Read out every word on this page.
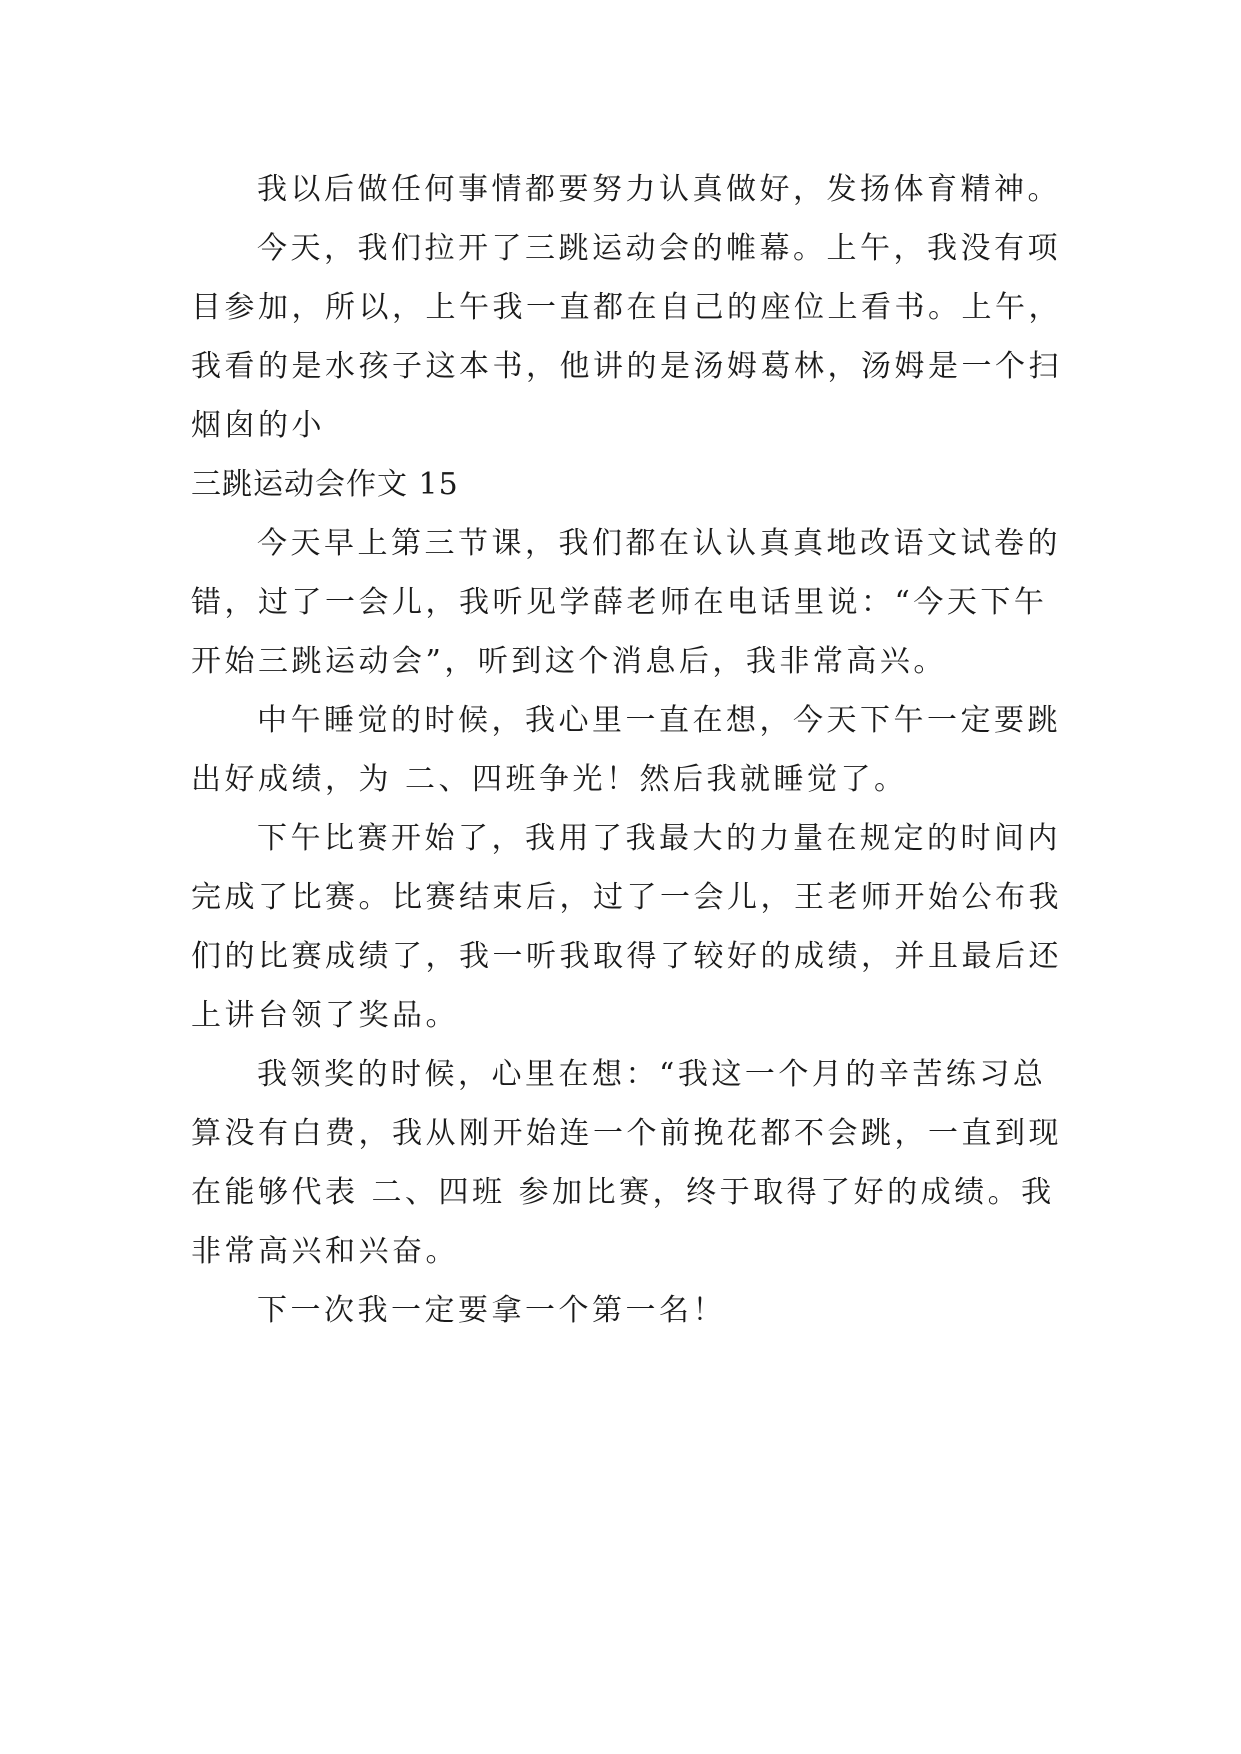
我以后做任何事情都要努力认真做好，发扬体育精神。
今天，我们拉开了三跳运动会的帷幕。上午，我没有项
目参加，所以，上午我一直都在自己的座位上看书。上午，
我看的是水孩子这本书，他讲的是汤姆葛林，汤姆是一个扫
烟囱的小
三跳运动会作文 15
今天早上第三节课，我们都在认认真真地改语文试卷的
错，过了一会儿，我听见学薛老师在电话里说：“今天下午
开始三跳运动会”，听到这个消息后，我非常高兴。
中午睡觉的时候，我心里一直在想，今天下午一定要跳
出好成绩，为 二、四班争光！然后我就睡觉了。
下午比赛开始了，我用了我最大的力量在规定的时间内
完成了比赛。比赛结束后，过了一会儿，王老师开始公布我
们的比赛成绩了，我一听我取得了较好的成绩，并且最后还
上讲台领了奖品。
我领奖的时候，心里在想：“我这一个月的辛苦练习总
算没有白费，我从刚开始连一个前挽花都不会跳，一直到现
在能够代表 二、四班 参加比赛，终于取得了好的成绩。我
非常高兴和兴奋。
下一次我一定要拿一个第一名！
